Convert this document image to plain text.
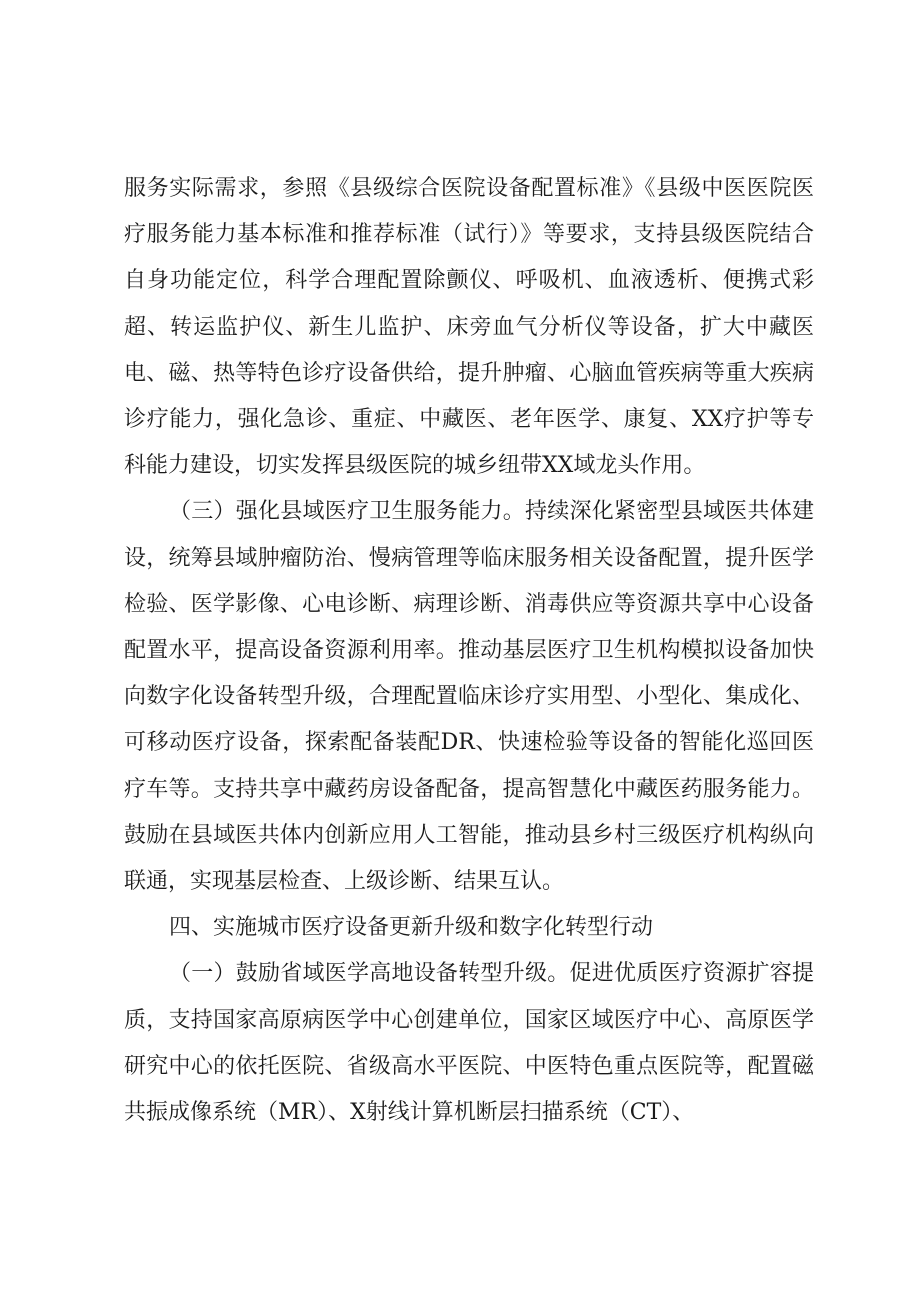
服务实际需求，参照《县级综合医院设备配置标准》《县级中医医院医疗服务能力基本标准和推荐标准（试行）》等要求，支持县级医院结合自身功能定位，科学合理配置除颤仪、呼吸机、血液透析、便携式彩超、转运监护仪、新生儿监护、床旁血气分析仪等设备，扩大中藏医电、磁、热等特色诊疗设备供给，提升肿瘤、心脑血管疾病等重大疾病诊疗能力，强化急诊、重症、中藏医、老年医学、康复、XX疗护等专科能力建设，切实发挥县级医院的城乡纽带XX域龙头作用。

（三）强化县域医疗卫生服务能力。持续深化紧密型县域医共体建设，统筹县域肿瘤防治、慢病管理等临床服务相关设备配置，提升医学检验、医学影像、心电诊断、病理诊断、消毒供应等资源共享中心设备配置水平，提高设备资源利用率。推动基层医疗卫生机构模拟设备加快向数字化设备转型升级，合理配置临床诊疗实用型、小型化、集成化、可移动医疗设备，探索配备装配DR、快速检验等设备的智能化巡回医疗车等。支持共享中藏药房设备配备，提高智慧化中藏医药服务能力。鼓励在县域医共体内创新应用人工智能，推动县乡村三级医疗机构纵向联通，实现基层检查、上级诊断、结果互认。

四、实施城市医疗设备更新升级和数字化转型行动

（一）鼓励省域医学高地设备转型升级。促进优质医疗资源扩容提质，支持国家高原病医学中心创建单位，国家区域医疗中心、高原医学研究中心的依托医院、省级高水平医院、中医特色重点医院等，配置磁共振成像系统（MR）、X射线计算机断层扫描系统（CT）、
